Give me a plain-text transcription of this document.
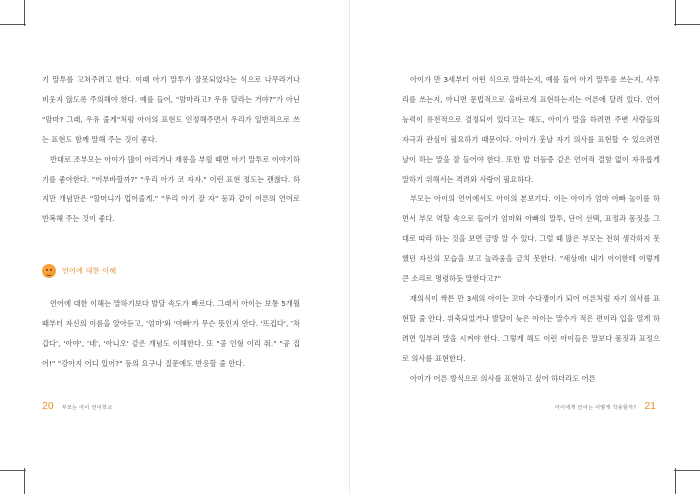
기 말투를 고쳐주려고 한다. 이때 아기 말투가 잘못되었다는 식으로 나무라거나 비웃지 않도록 주의해야 한다. 예를 들어, "맘마라고? 우유 달라는 거야?"가 아닌 "맘마? 그래, 우유 줄게"처럼 아이의 표현도 인정해주면서 우리가 일반적으로 쓰는 표현도 함께 말해 주는 것이 좋다.

반대로 조부모는 아이가 많이 어리거나 재롱을 부릴 때면 아기 말투로 이야기하기를 좋아한다. "어부바할까?" "우리 아가 코 자자." 이런 표현 정도는 괜찮다. 하지만 개념만은 "할머니가 업어줄게." "우리 아기 잘 자" 등과 같이 어른의 언어로 반복해 주는 것이 좋다.

언어에 대한 이해

언어에 대한 이해는 말하기보다 발달 속도가 빠르다. 그래서 아이는 보통 5개월때부터 자신의 이름을 알아듣고, '엄마'와 '아빠'가 무슨 뜻인지 안다. '뜨겁다', '차갑다', '아야', '네', '아니오' 같은 개념도 이해한다. 또 "공 인형 이리 줘." "공 집어!" "강아지 어디 있어?" 등의 요구나 질문에도 반응할 줄 안다.

20 부모는 아이 언어학교

아이가 만 3세부터 어떤 식으로 말하는지, 예를 들어 아기 말투를 쓰는지, 사투리를 쓰는지, 아니면 문법적으로 올바르게 표현하는지는 어른에 달려 있다. 언어 능력이 유전적으로 결정되어 있다고는 해도, 아이가 말을 하려면 주변 사람들의 자극과 관심이 필요하기 때문이다. 아이가 훗날 자기 의사를 표현할 수 있으려면 날이 하는 말을 잘 들어야 한다. 또한 밥 더듬증 같은 언어적 결함 없이 자유롭게 말하기 위해서는 격려와 사랑이 필요하다.

부모는 아이의 언어에서도 아이의 본보기다. 이는 아이가 엄마 아빠 놀이를 하면서 부모 역할 속으로 들어가 엄마와 아빠의 말투, 단어 선택, 표정과 몸짓을 그대로 따라 하는 것을 보면 금방 알 수 있다. 그럴 때 많은 부모는 전혀 생각하지 못했던 자신의 모습을 보고 놀라움을 금치 못한다. "세상에! 내가 아이한테 이렇게 큰 소리로 명령하듯 말한다고?"

재의식이 싹튼 만 3세의 아이는 꼬마 수다쟁이가 되어 어른처럼 자기 의사를 표현할 줄 안다. 위축되었거나 발달이 늦은 아이는 말수가 적은 편이라 입을 열게 하려면 일부러 말을 시켜야 한다. 그렇게 해도 이런 아이들은 말보다 몸짓과 표정으로 의사를 표현한다.

아이가 어른 방식으로 의사를 표현하고 싶어 하더라도 어른

아이에게 언어는 어떻게 작용할까? 21
